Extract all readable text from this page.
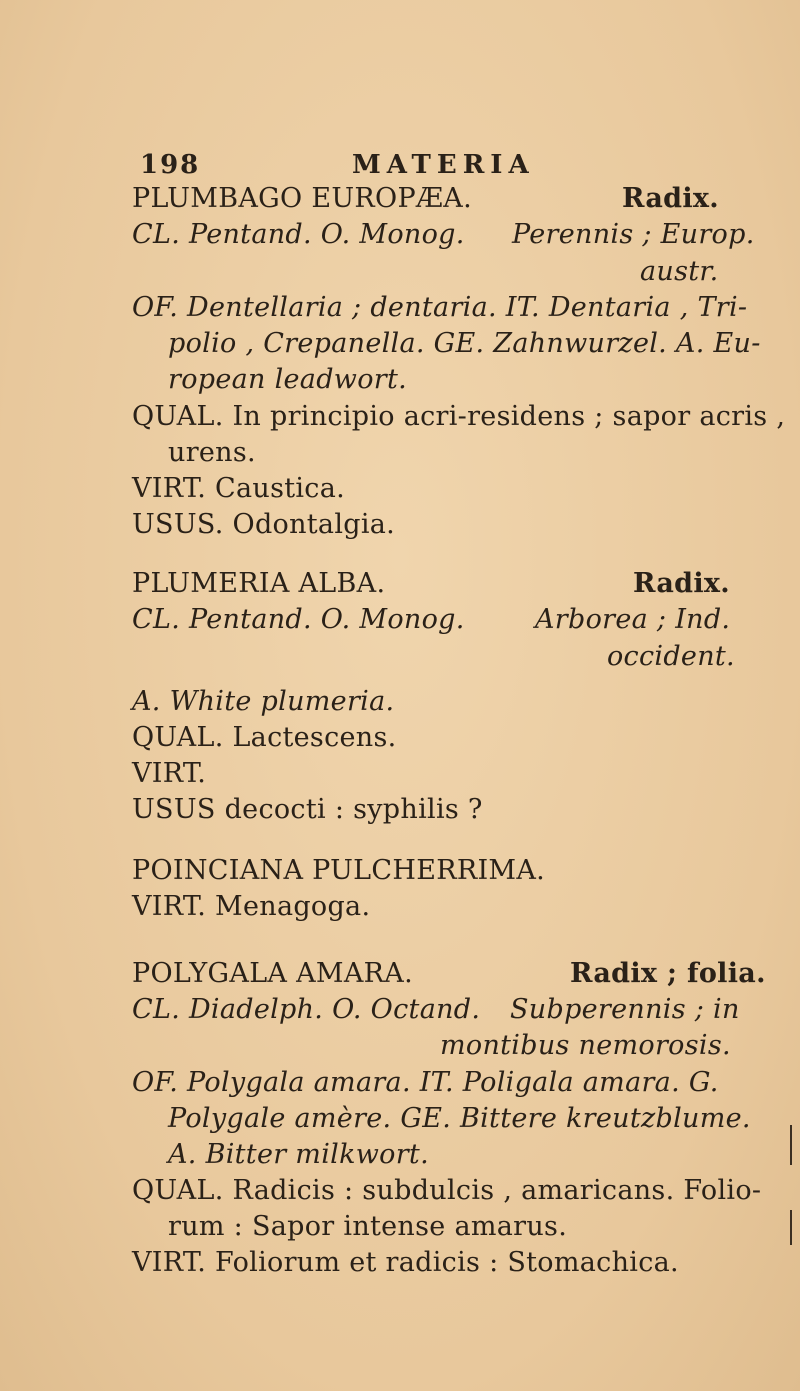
198	MATERIA
PLUMBAGO EUROPÆA.	Radix.
CL. Pentand. O. Monog. Perennis ; Europ.
austr.
OF. Dentellaria ; dentaria. IT. Dentaria , Tri-
polio , Crepanella. GE. Zahnwurzel. A. Eu-
ropean leadwort.
QUAL. In principio acri-residens ; sapor acris ,
urens.
VIRT. Caustica.
USUS. Odontalgia.
PLUMERIA ALBA.	Radix.
CL. Pentand. O. Monog.	Arborea ; Ind.
occident.
A. White plumeria.
QUAL. Lactescens.
VIRT.
USUS decocti : syphilis ?
POINCIANA PULCHERRIMA.
VIRT. Menagoga.
POLYGALA AMARA.	Radix ; folia.
CL. Diadelph. O. Octand. Subperennis ; in
montibus nemorosis.
OF. Polygala amara. IT. Poligala amara. G.
Polygale amère. GE. Bittere kreutzblume.
A. Bitter milkwort.
QUAL. Radicis : subdulcis , amaricans. Folio-
rum : Sapor intense amarus.
VIRT. Foliorum et radicis : Stomachica.
